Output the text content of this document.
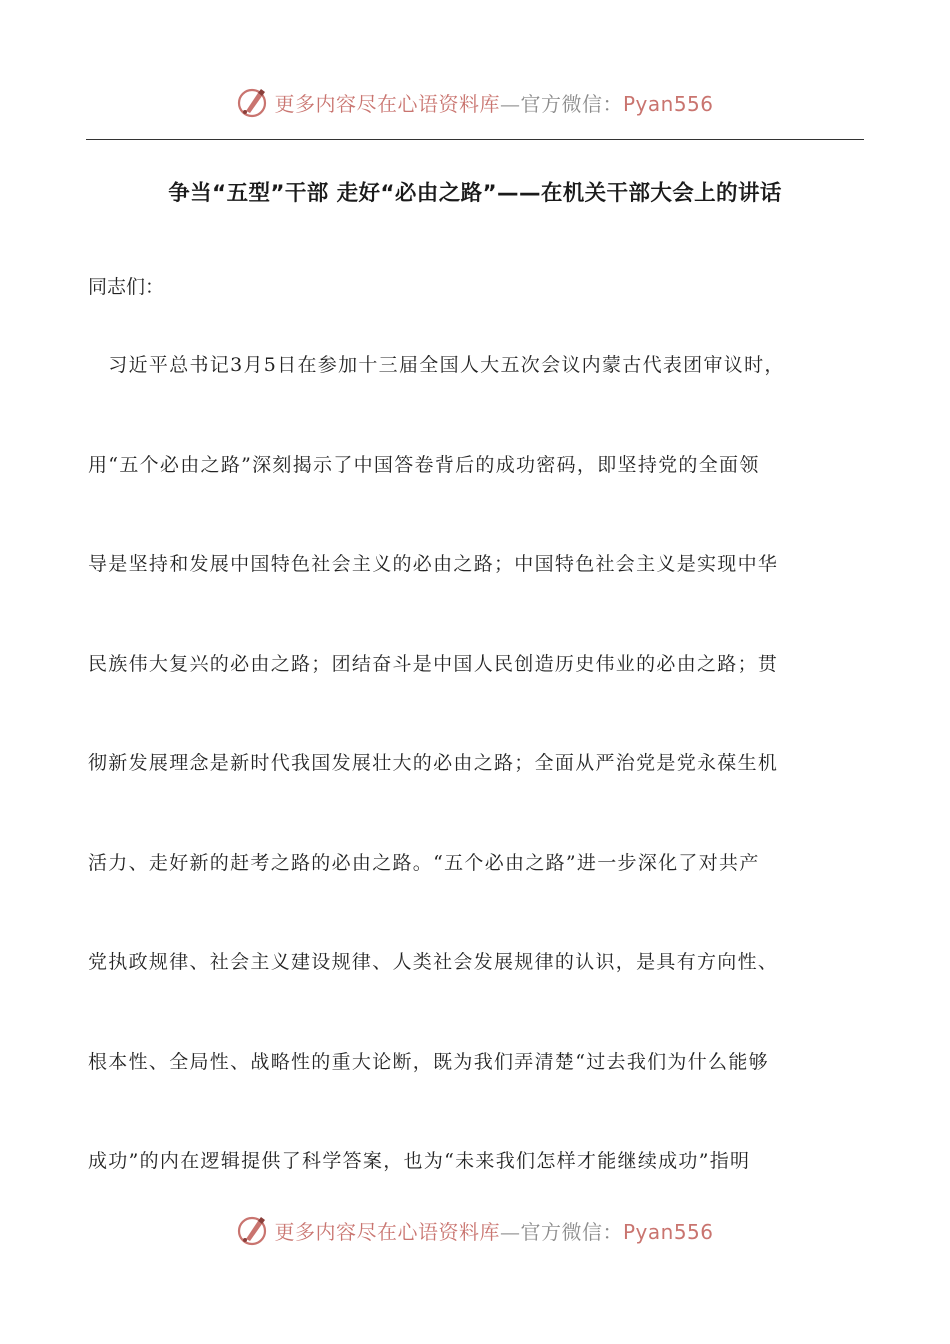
更多内容尽在心语资料库—官方微信：Pyan556
争当“五型”干部 走好“必由之路”——在机关干部大会上的讲话

同志们：

　习近平总书记3月5日在参加十三届全国人大五次会议内蒙古代表团审议时，

用“五个必由之路”深刻揭示了中国答卷背后的成功密码，即坚持党的全面领

导是坚持和发展中国特色社会主义的必由之路；中国特色社会主义是实现中华

民族伟大复兴的必由之路；团结奋斗是中国人民创造历史伟业的必由之路；贯

彻新发展理念是新时代我国发展壮大的必由之路；全面从严治党是党永葆生机

活力、走好新的赶考之路的必由之路。“五个必由之路”进一步深化了对共产

党执政规律、社会主义建设规律、人类社会发展规律的认识，是具有方向性、

根本性、全局性、战略性的重大论断，既为我们弄清楚“过去我们为什么能够

成功”的内在逻辑提供了科学答案，也为“未来我们怎样才能继续成功”指明

更多内容尽在心语资料库—官方微信：Pyan556
